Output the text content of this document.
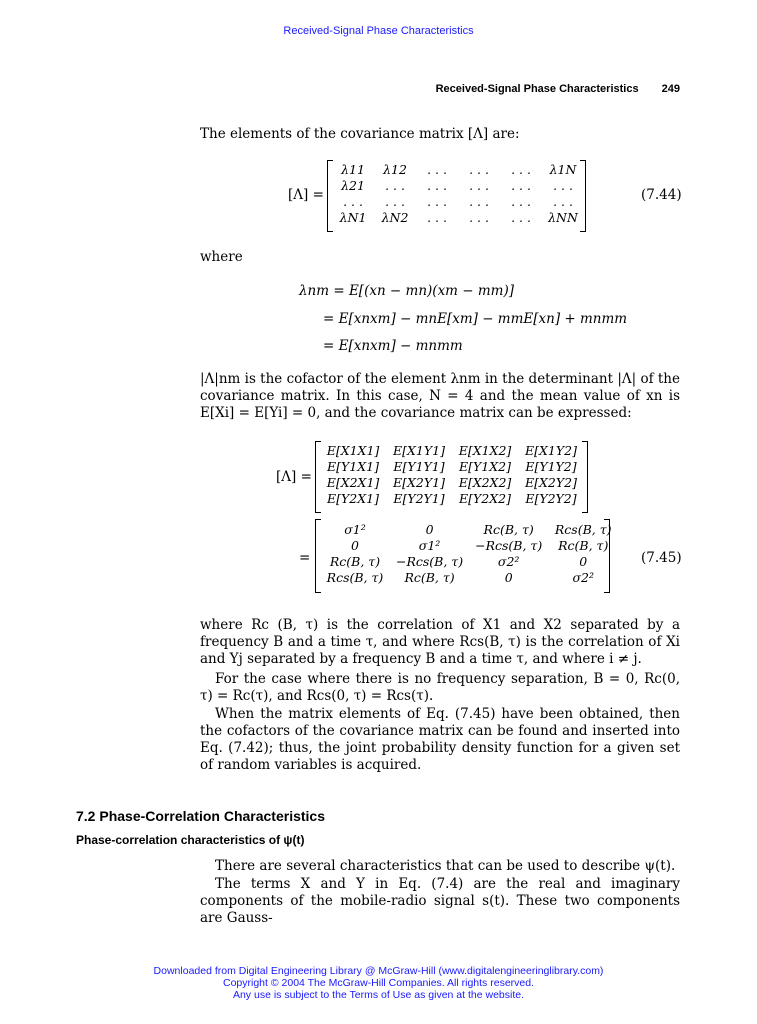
Received-Signal Phase Characteristics
Received-Signal Phase Characteristics 249
The elements of the covariance matrix [Λ] are:
[Λ] =
λ11	λ12	. . .	. . .	. . .	λ1N
λ21	. . .	. . .	. . .	. . .	. . .
. . .	. . .	. . .	. . .	. . .	. . .
λN1	λN2	. . .	. . .	. . .	λNN
(7.44)
where
λnm = E[(xn − mn)(xm − mm)]
= E[xnxm] − mnE[xm] − mmE[xn] + mnmm
= E[xnxm] − mnmm
|Λ|nm is the cofactor of the element λnm in the determinant |Λ| of the covariance matrix. In this case, N = 4 and the mean value of xn is E[Xi] = E[Yi] = 0, and the covariance matrix can be expressed:
[Λ] =
E[X1X1]	E[X1Y1]	E[X1X2]	E[X1Y2]
E[Y1X1]	E[Y1Y1]	E[Y1X2]	E[Y1Y2]
E[X2X1]	E[X2Y1]	E[X2X2]	E[X2Y2]
E[Y2X1]	E[Y2Y1]	E[Y2X2]	E[Y2Y2]
=
σ1²	0	Rc(B, τ)	Rcs(B, τ)
0	σ1²	−Rcs(B, τ)	Rc(B, τ)
Rc(B, τ)	−Rcs(B, τ)	σ2²	0
Rcs(B, τ)	Rc(B, τ)	0	σ2²
(7.45)
where Rc (B, τ) is the correlation of X1 and X2 separated by a frequency B and a time τ, and where Rcs(B, τ) is the correlation of Xi and Yj separated by a frequency B and a time τ, and where i ≠ j.
For the case where there is no frequency separation, B = 0, Rc(0, τ) = Rc(τ), and Rcs(0, τ) = Rcs(τ).
When the matrix elements of Eq. (7.45) have been obtained, then the cofactors of the covariance matrix can be found and inserted into Eq. (7.42); thus, the joint probability density function for a given set of random variables is acquired.
7.2 Phase-Correlation Characteristics
Phase-correlation characteristics of ψ(t)
There are several characteristics that can be used to describe ψ(t).
The terms X and Y in Eq. (7.4) are the real and imaginary components of the mobile-radio signal s(t). These two components are Gauss-
Downloaded from Digital Engineering Library @ McGraw-Hill (www.digitalengineeringlibrary.com)
Copyright © 2004 The McGraw-Hill Companies. All rights reserved.
Any use is subject to the Terms of Use as given at the website.
